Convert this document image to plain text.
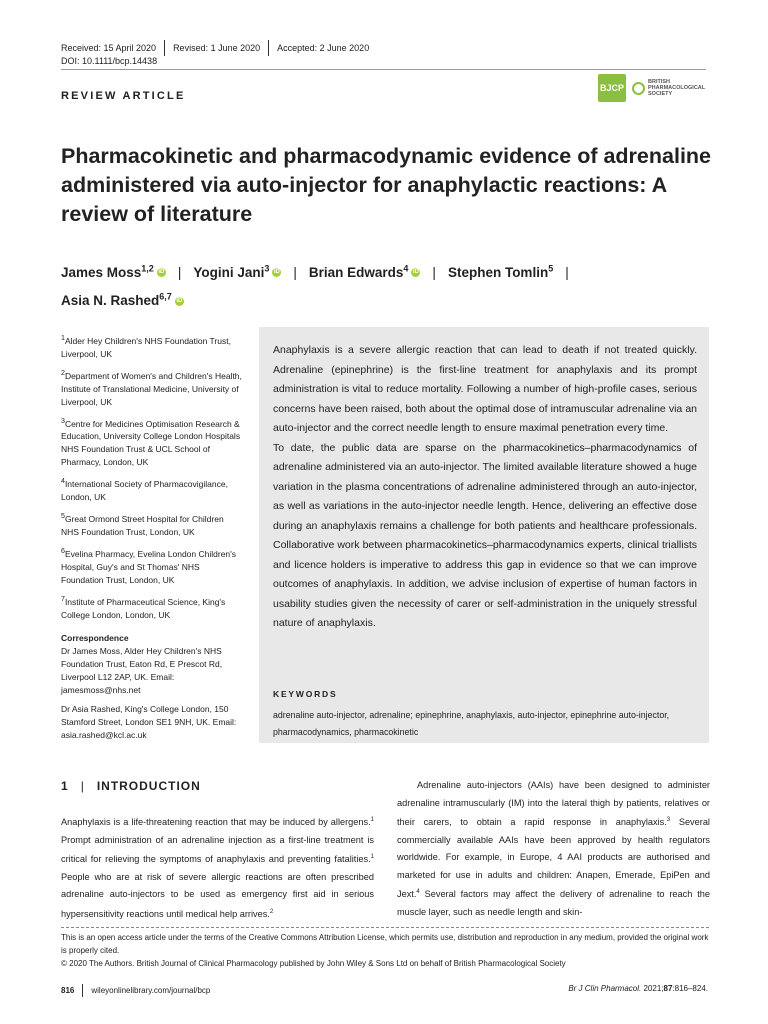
Received: 15 April 2020 Revised: 1 June 2020 Accepted: 2 June 2020
DOI: 10.1111/bcp.14438
REVIEW ARTICLE
BJCP
BRITISH
PHARMACOLOGICAL
SOCIETY
Pharmacokinetic and pharmacodynamic evidence of adrenaline administered via auto-injector for anaphylactic reactions: A review of literature
James Moss$^{1,2}$ iD | Yogini Jani$^3$ iD | Brian Edwards$^4$ iD | Stephen Tomlin$^5$ |
Asia N. Rashed$^{6,7}$ iD

$^1$Alder Hey Children's NHS Foundation Trust, Liverpool, UK

$^2$Department of Women's and Children's Health, Institute of Translational Medicine, University of Liverpool, UK

$^3$Centre for Medicines Optimisation Research & Education, University College London Hospitals NHS Foundation Trust & UCL School of Pharmacy, London, UK

$^4$International Society of Pharmacovigilance, London, UK

$^5$Great Ormond Street Hospital for Children NHS Foundation Trust, London, UK

$^6$Evelina Pharmacy, Evelina London Children's Hospital, Guy's and St Thomas' NHS Foundation Trust, London, UK

$^7$Institute of Pharmaceutical Science, King's College London, London, UK

Correspondence

Dr James Moss, Alder Hey Children's NHS Foundation Trust, Eaton Rd, E Prescot Rd, Liverpool L12 2AP, UK. Email: jamesmoss@nhs.net

Dr Asia Rashed, King's College London, 150 Stamford Street, London SE1 9NH, UK. Email: asia.rashed@kcl.ac.uk

Anaphylaxis is a severe allergic reaction that can lead to death if not treated quickly. Adrenaline (epinephrine) is the first-line treatment for anaphylaxis and its prompt administration is vital to reduce mortality. Following a number of high-profile cases, serious concerns have been raised, both about the optimal dose of intramuscular adrenaline via an auto-injector and the correct needle length to ensure maximal penetration every time.

To date, the public data are sparse on the pharmacokinetics–pharmacodynamics of adrenaline administered via an auto-injector. The limited available literature showed a huge variation in the plasma concentrations of adrenaline administered through an auto-injector, as well as variations in the auto-injector needle length. Hence, delivering an effective dose during an anaphylaxis remains a challenge for both patients and healthcare professionals. Collaborative work between pharmacokinetics–pharmacodynamics experts, clinical triallists and licence holders is imperative to address this gap in evidence so that we can improve outcomes of anaphylaxis. In addition, we advise inclusion of expertise of human factors in usability studies given the necessity of carer or self-administration in the uniquely stressful nature of anaphylaxis.

KEYWORDS
adrenaline auto-injector, adrenaline; epinephrine, anaphylaxis, auto-injector, epinephrine auto-injector, pharmacodynamics, pharmacokinetic
1 | INTRODUCTION
Anaphylaxis is a life-threatening reaction that may be induced by allergens.$^1$ Prompt administration of an adrenaline injection as a first-line treatment is critical for relieving the symptoms of anaphylaxis and preventing fatalities.$^1$ People who are at risk of severe allergic reactions are often prescribed adrenaline auto-injectors to be used as emergency first aid in serious hypersensitivity reactions until medical help arrives.$^2$
Adrenaline auto-injectors (AAIs) have been designed to administer adrenaline intramuscularly (IM) into the lateral thigh by patients, relatives or their carers, to obtain a rapid response in anaphylaxis.$^3$ Several commercially available AAIs have been approved by health regulators worldwide. For example, in Europe, 4 AAI products are authorised and marketed for use in adults and children: Anapen, Emerade, EpiPen and Jext.$^4$ Several factors may affect the delivery of adrenaline to reach the muscle layer, such as needle length and skin-
This is an open access article under the terms of the Creative Commons Attribution License, which permits use, distribution and reproduction in any medium, provided the original work is properly cited.
© 2020 The Authors. British Journal of Clinical Pharmacology published by John Wiley & Sons Ltd on behalf of British Pharmacological Society
816 wileyonlinelibrary.com/journal/bcp	Br J Clin Pharmacol. 2021;87:816–824.
